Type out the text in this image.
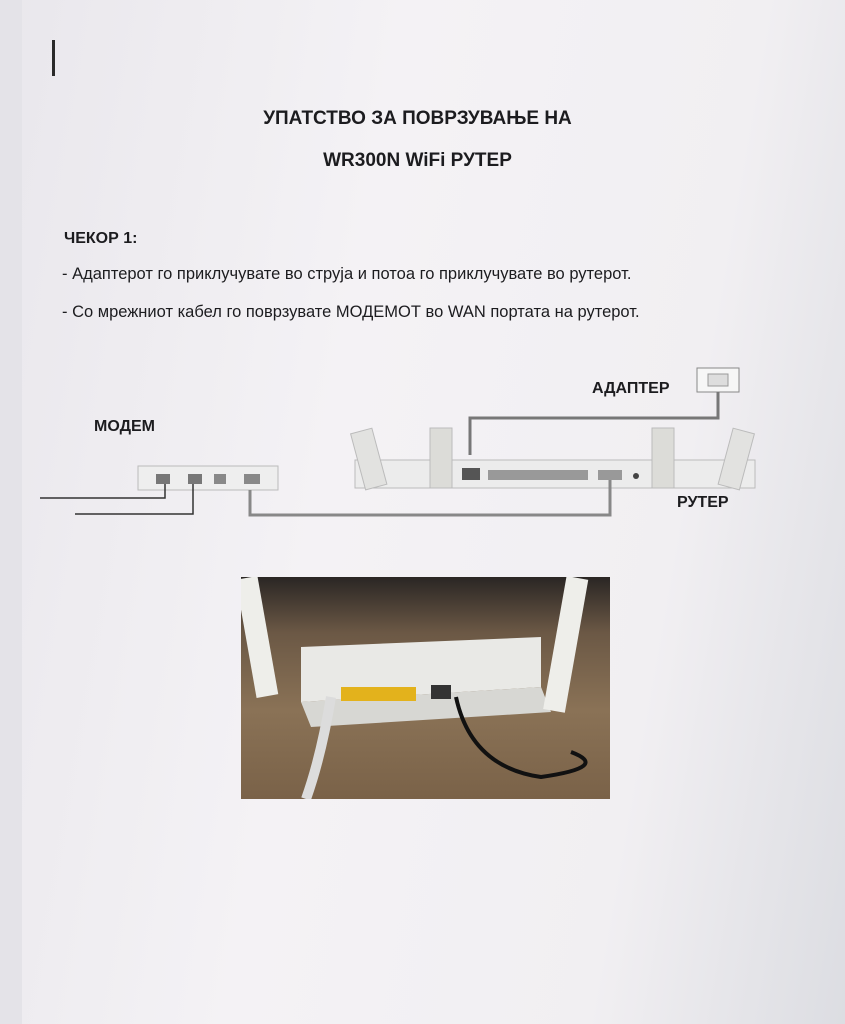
УПАТСТВО ЗА ПОВРЗУВАЊЕ НА
WR300N WiFi РУТЕР
ЧЕКОР 1:
- Адаптерот го приклучувате во струја и потоа го приклучувате во рутерот.
- Со мрежниот кабел го поврзувате МОДЕМОТ во WAN портата на рутерот.
АДАПТЕР
МОДЕМ
РУТЕР
